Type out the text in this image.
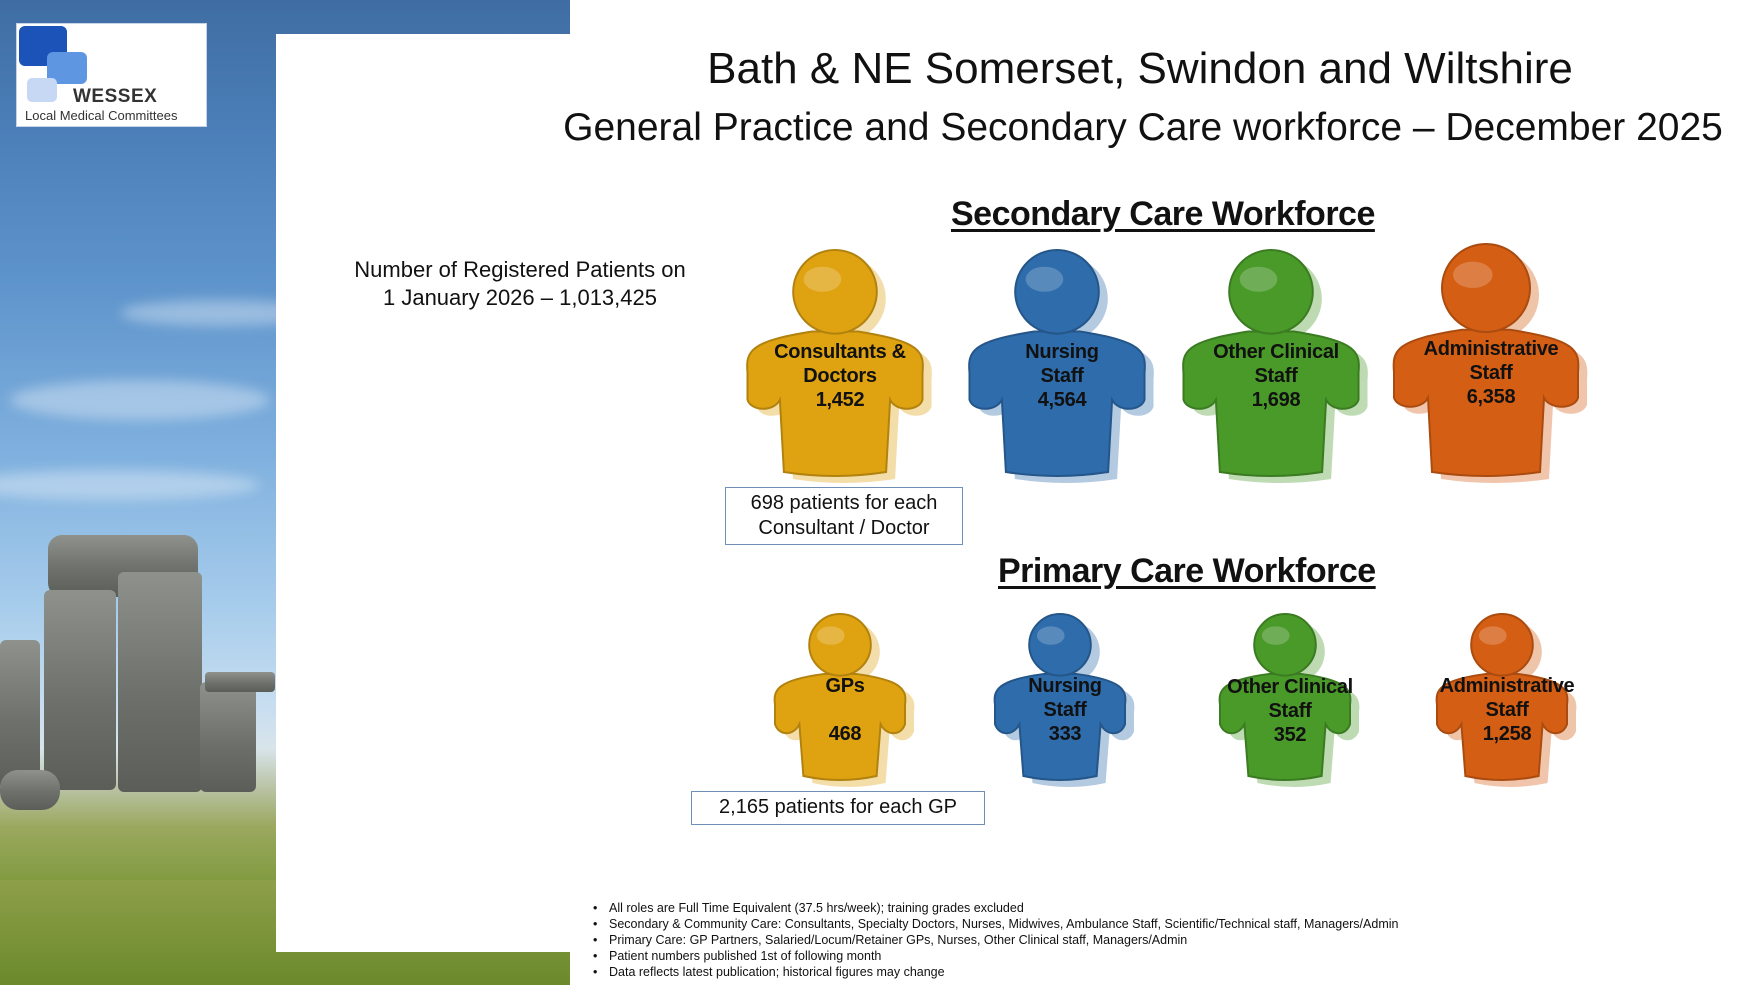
WESSEX
Local Medical Committees
Bath & NE Somerset, Swindon and Wiltshire
General Practice and Secondary Care workforce – December 2025
Number of Registered Patients on
1 January 2026 – 1,013,425
Secondary Care Workforce
Consultants &
Doctors
1,452
Nursing
Staff
4,564
Other Clinical
Staff
1,698
Administrative
Staff
6,358
698 patients for each
Consultant / Doctor
Primary Care Workforce
GPs
468
Nursing
Staff
333
Other Clinical
Staff
352
Administrative
Staff
1,258
2,165 patients for each GP
• All roles are Full Time Equivalent (37.5 hrs/week); training grades excluded
• Secondary & Community Care: Consultants, Specialty Doctors, Nurses, Midwives, Ambulance Staff, Scientific/Technical staff, Managers/Admin
• Primary Care: GP Partners, Salaried/Locum/Retainer GPs, Nurses, Other Clinical staff, Managers/Admin
• Patient numbers published 1st of following month
• Data reflects latest publication; historical figures may change
